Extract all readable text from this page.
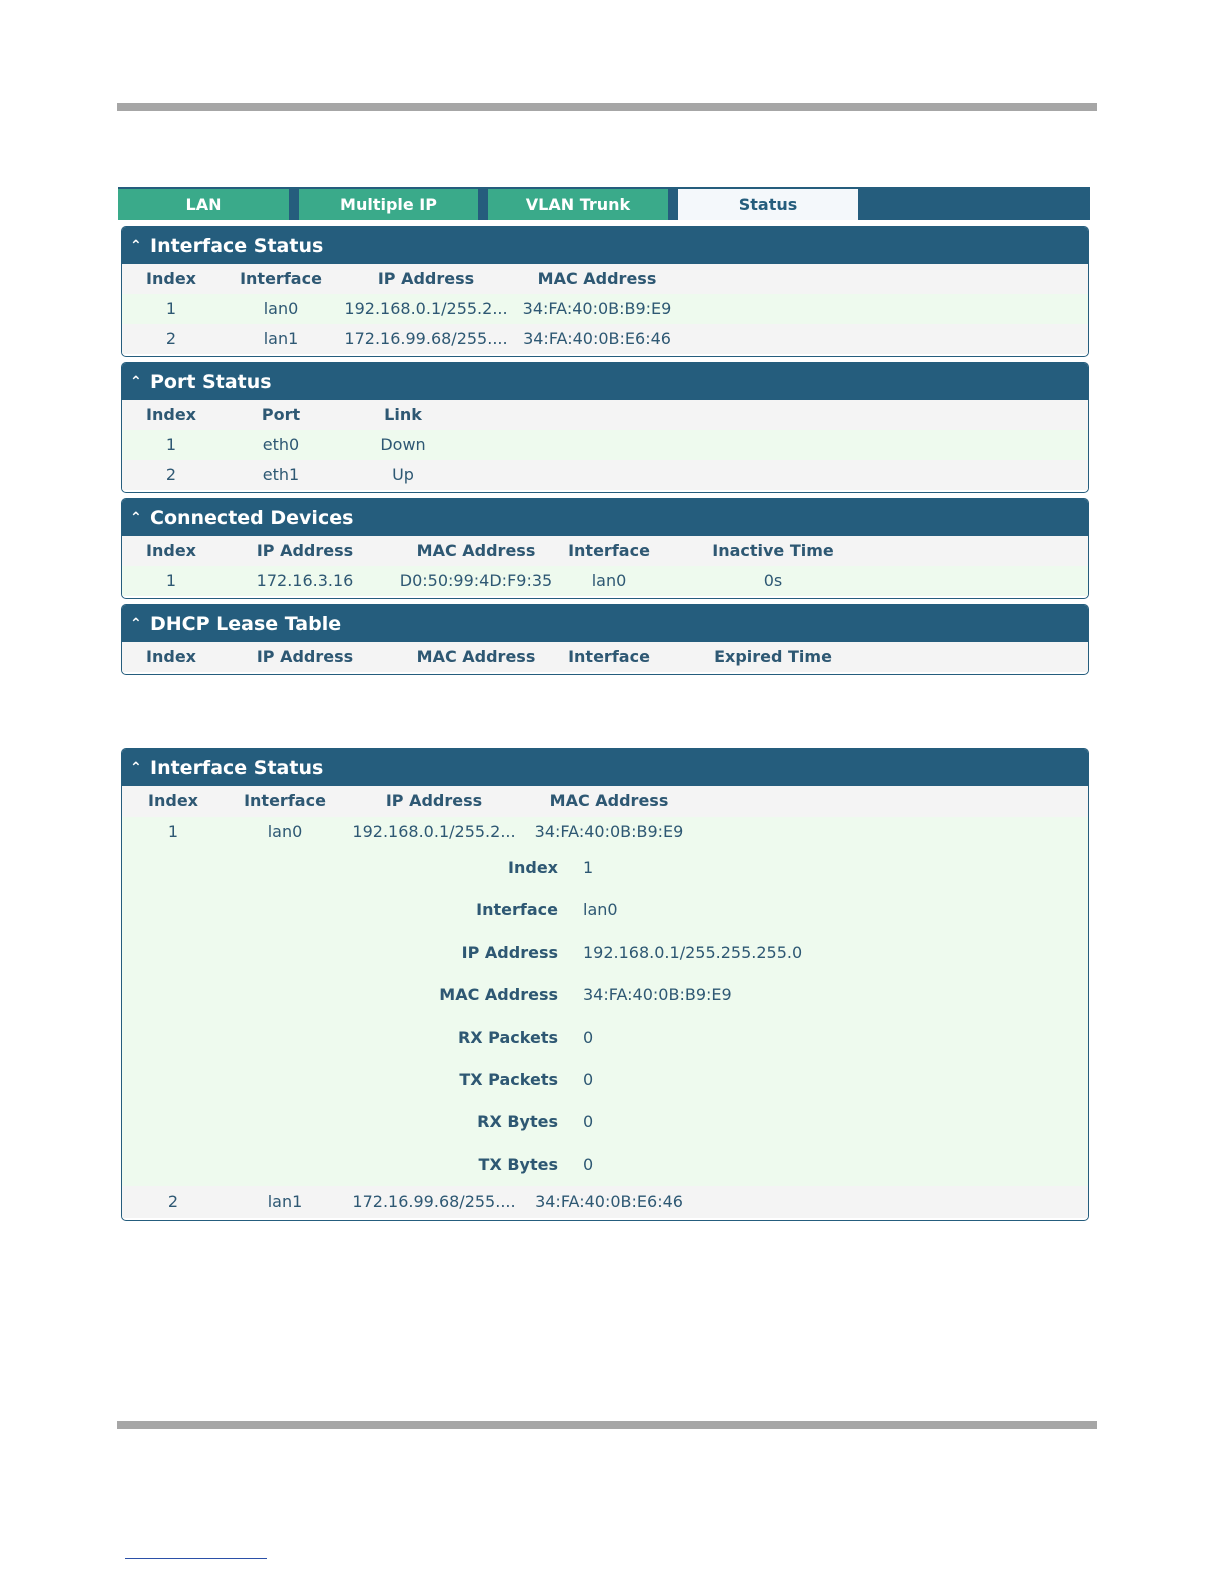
LAN	Multiple IP	VLAN Trunk	Status
⌃ Interface Status
Index	Interface	IP Address	MAC Address
1	lan0	192.168.0.1/255.2... 34:FA:40:0B:B9:E9
2	lan1	172.16.99.68/255.... 34:FA:40:0B:E6:46
⌃ Port Status
Index	Port	Link
1	eth0	Down
2	eth1	Up
⌃ Connected Devices
Index	IP Address	MAC Address Interface	Inactive Time
1	172.16.3.16	D0:50:99:4D:F9:35 lan0	0s
⌃ DHCP Lease Table
Index	IP Address	MAC Address Interface	Expired Time
⌃ Interface Status
Index	Interface	IP Address	MAC Address
1	lan0	192.168.0.1/255.2... 34:FA:40:0B:B9:E9
Index 1
Interface lan0
IP Address 192.168.0.1/255.255.255.0
MAC Address 34:FA:40:0B:B9:E9
RX Packets 0
TX Packets 0
RX Bytes 0
TX Bytes 0
2	lan1	172.16.99.68/255.... 34:FA:40:0B:E6:46
